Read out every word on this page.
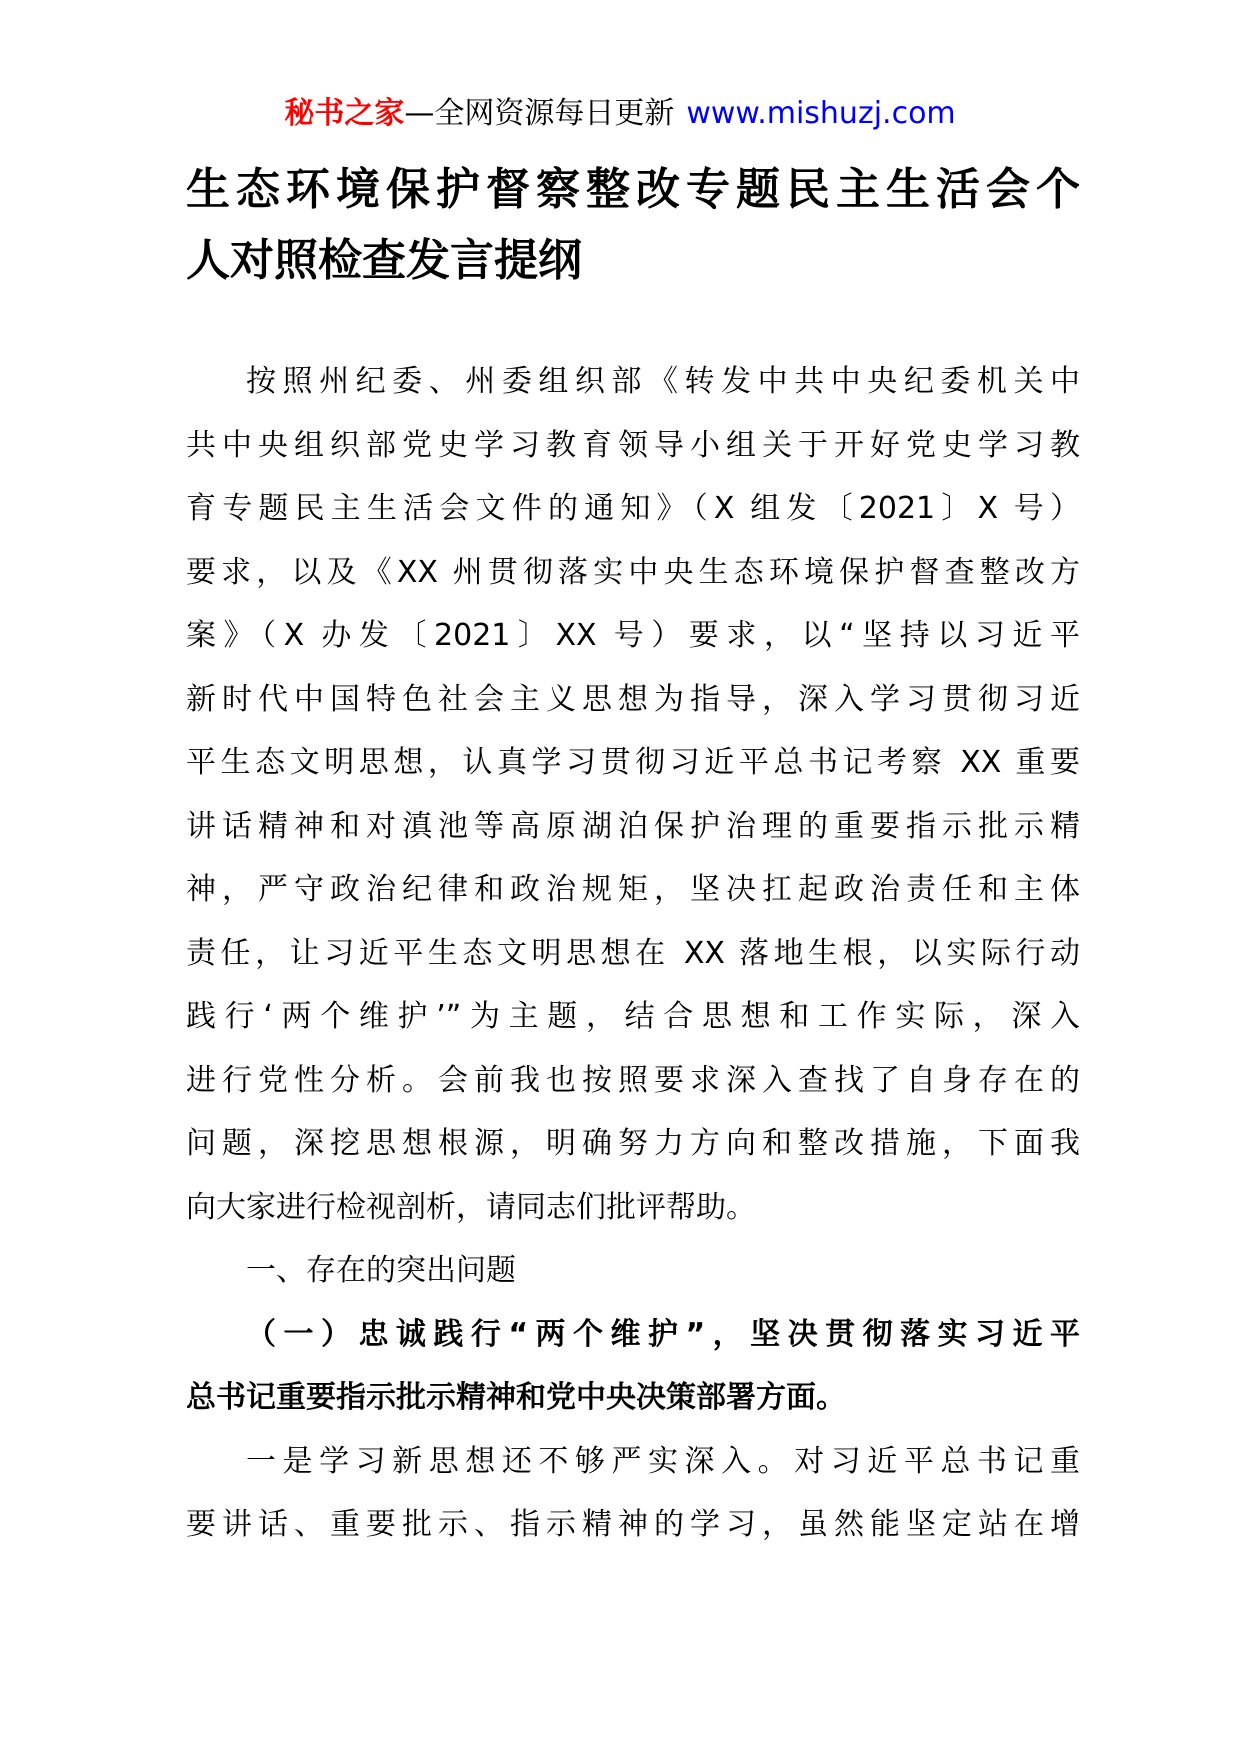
秘书之家—全网资源每日更新 www.mishuzj.com
生态环境保护督察整改专题民主生活会个
人对照检查发言提纲
按照州纪委、州委组织部《转发中共中央纪委机关中
共中央组织部党史学习教育领导小组关于开好党史学习教
育专题民主生活会文件的通知》（X 组发〔2021〕X 号）
要求，以及《XX 州贯彻落实中央生态环境保护督查整改方
案》（X 办发〔2021〕XX 号）要求，以“坚持以习近平
新时代中国特色社会主义思想为指导，深入学习贯彻习近
平生态文明思想，认真学习贯彻习近平总书记考察 XX 重要
讲话精神和对滇池等高原湖泊保护治理的重要指示批示精
神，严守政治纪律和政治规矩，坚决扛起政治责任和主体
责任，让习近平生态文明思想在 XX 落地生根，以实际行动
践行‘两个维护’”为主题，结合思想和工作实际，深入
进行党性分析。会前我也按照要求深入查找了自身存在的
问题，深挖思想根源，明确努力方向和整改措施，下面我
向大家进行检视剖析，请同志们批评帮助。
一、存在的突出问题
（一）忠诚践行“两个维护”，坚决贯彻落实习近平
总书记重要指示批示精神和党中央决策部署方面。
一是学习新思想还不够严实深入。对习近平总书记重
要讲话、重要批示、指示精神的学习，虽然能坚定站在增
